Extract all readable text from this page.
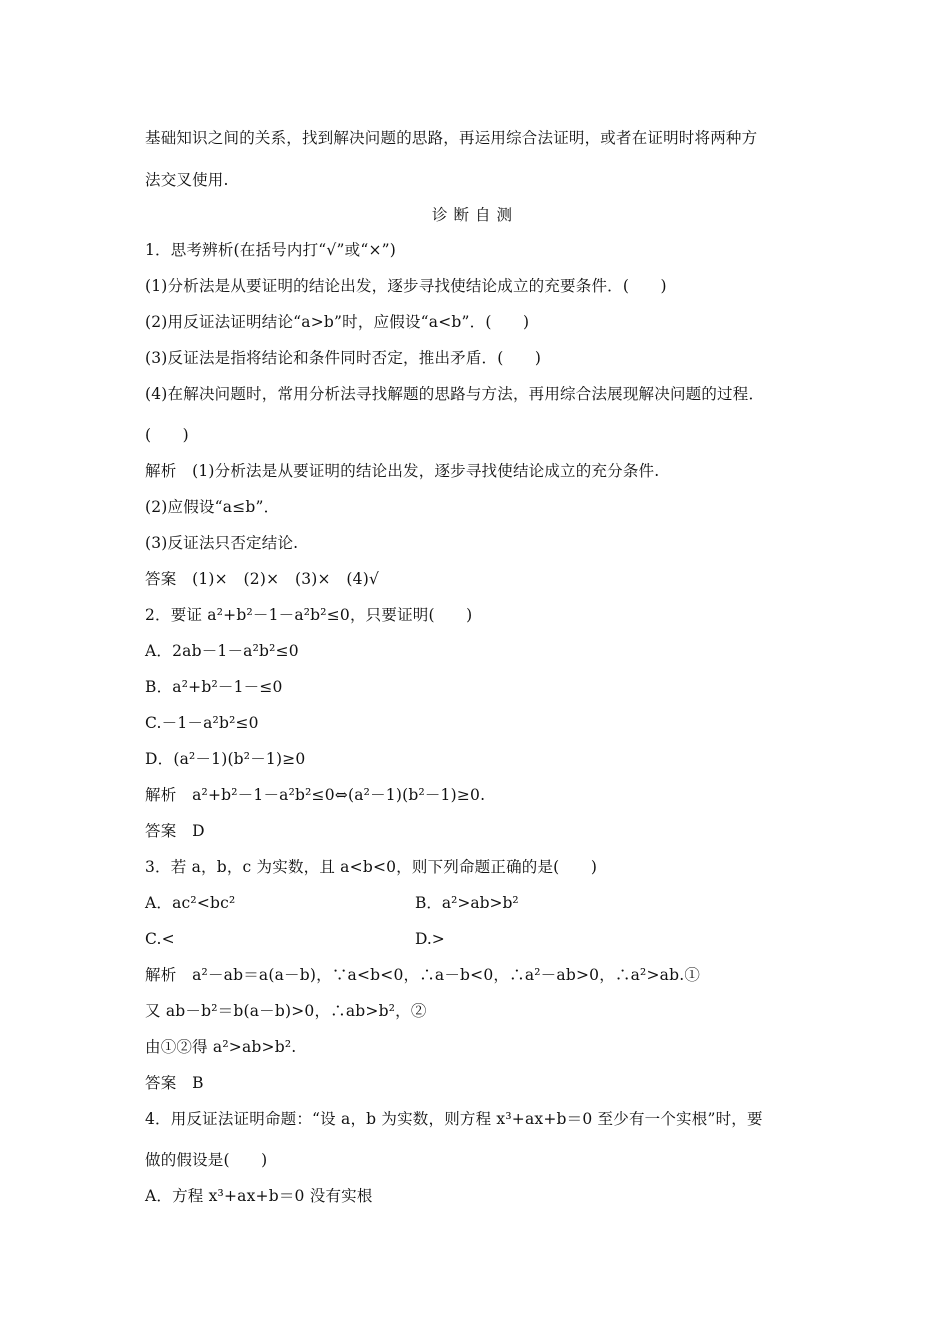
基础知识之间的关系，找到解决问题的思路，再运用综合法证明，或者在证明时将两种方
法交叉使用.
诊断自测
1．思考辨析(在括号内打“√”或“×”)
(1)分析法是从要证明的结论出发，逐步寻找使结论成立的充要条件．(　　)
(2)用反证法证明结论“a>b”时，应假设“a<b”．(　　)
(3)反证法是指将结论和条件同时否定，推出矛盾．(　　)
(4)在解决问题时，常用分析法寻找解题的思路与方法，再用综合法展现解决问题的过程．
(　　)
解析　(1)分析法是从要证明的结论出发，逐步寻找使结论成立的充分条件.
(2)应假设“a≤b”．
(3)反证法只否定结论.
答案　(1)×　(2)×　(3)×　(4)√
2．要证 a²+b²－1－a²b²≤0，只要证明(　　)
A．2ab－1－a²b²≤0
B．a²+b²－1－≤0
C.－1－a²b²≤0
D．(a²－1)(b²－1)≥0
解析　a²+b²－1－a²b²≤0⇔(a²－1)(b²－1)≥0.
答案　D
3．若 a，b，c 为实数，且 a<b<0，则下列命题正确的是(　　)
A．ac²<bc²	B．a²>ab>b²
C.<	D.>
解析　a²－ab＝a(a－b)，∵a<b<0，∴a－b<0，∴a²－ab>0，∴a²>ab.①
又 ab－b²＝b(a－b)>0，∴ab>b²，②
由①②得 a²>ab>b².
答案　B
4．用反证法证明命题：“设 a，b 为实数，则方程 x³+ax+b＝0 至少有一个实根”时，要
做的假设是(　　)
A．方程 x³+ax+b＝0 没有实根
